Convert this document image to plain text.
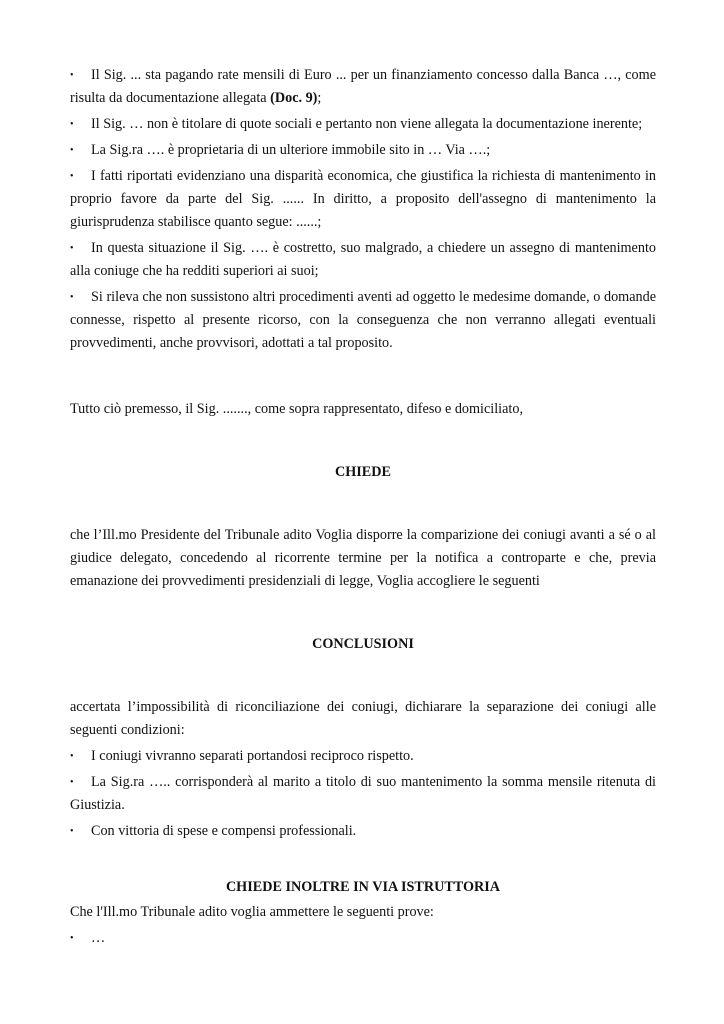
• Il Sig. ... sta pagando rate mensili di Euro ... per un finanziamento concesso dalla Banca …, come risulta da documentazione allegata (Doc. 9);

• Il Sig. … non è titolare di quote sociali e pertanto non viene allegata la documentazione inerente;

• La Sig.ra …. è proprietaria di un ulteriore immobile sito in … Via ….;

• I fatti riportati evidenziano una disparità economica, che giustifica la richiesta di mantenimento in proprio favore da parte del Sig. ...... In diritto, a proposito dell'assegno di mantenimento la giurisprudenza stabilisce quanto segue: ......;

• In questa situazione il Sig. …. è costretto, suo malgrado, a chiedere un assegno di mantenimento alla coniuge che ha redditi superiori ai suoi;

• Si rileva che non sussistono altri procedimenti aventi ad oggetto le medesime domande, o domande connesse, rispetto al presente ricorso, con la conseguenza che non verranno allegati eventuali provvedimenti, anche provvisori, adottati a tal proposito.

Tutto ciò premesso, il Sig. ......., come sopra rappresentato, difeso e domiciliato,

CHIEDE

che l’Ill.mo Presidente del Tribunale adito Voglia disporre la comparizione dei coniugi avanti a sé o al giudice delegato, concedendo al ricorrente termine per la notifica a controparte e che, previa emanazione dei provvedimenti presidenziali di legge, Voglia accogliere le seguenti

CONCLUSIONI

accertata l’impossibilità di riconciliazione dei coniugi, dichiarare la separazione dei coniugi alle seguenti condizioni:

• I coniugi vivranno separati portandosi reciproco rispetto.

• La Sig.ra ….. corrisponderà al marito a titolo di suo mantenimento la somma mensile ritenuta di Giustizia.

• Con vittoria di spese e compensi professionali.

CHIEDE INOLTRE IN VIA ISTRUTTORIA

Che l'Ill.mo Tribunale adito voglia ammettere le seguenti prove:

• …
